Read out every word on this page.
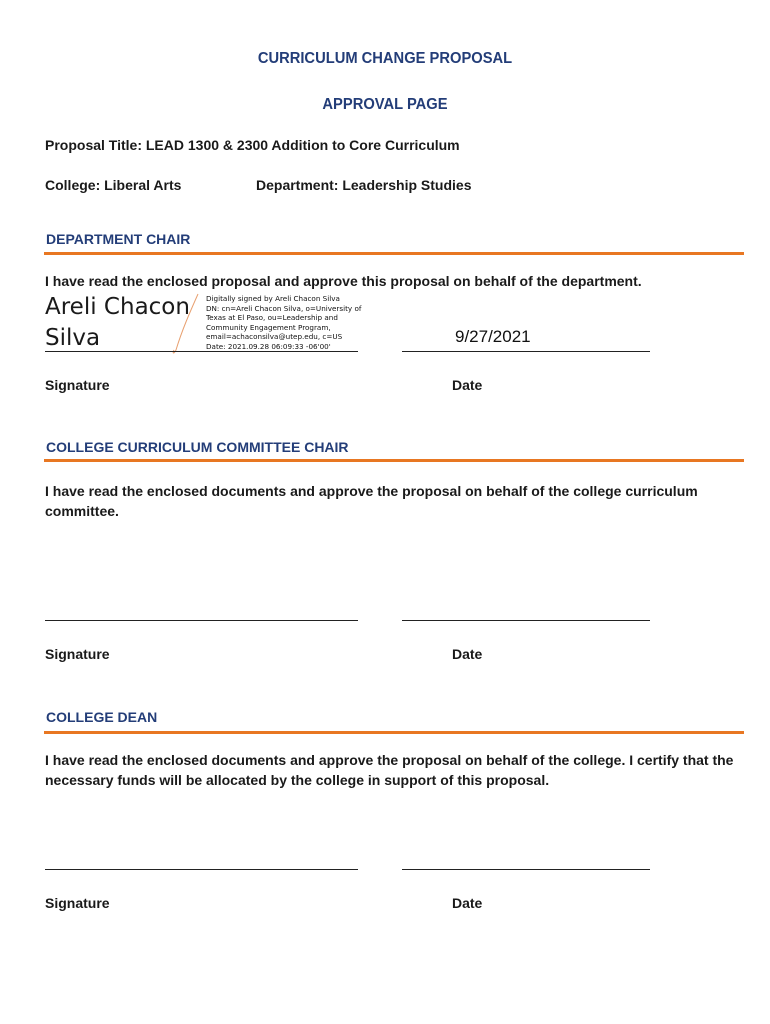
CURRICULUM CHANGE PROPOSAL
APPROVAL PAGE
Proposal Title: LEAD 1300 & 2300 Addition to Core Curriculum
College: Liberal Arts	Department: Leadership Studies
DEPARTMENT CHAIR
I have read the enclosed proposal and approve this proposal on behalf of the department.
Areli Chacon
Silva
Digitally signed by Areli Chacon Silva
DN: cn=Areli Chacon Silva, o=University of
Texas at El Paso, ou=Leadership and
Community Engagement Program,
email=achaconsilva@utep.edu, c=US
Date: 2021.09.28 06:09:33 -06'00'
9/27/2021
Signature	Date
COLLEGE CURRICULUM COMMITTEE CHAIR
I have read the enclosed documents and approve the proposal on behalf of the college curriculum committee.
Signature	Date
COLLEGE DEAN
I have read the enclosed documents and approve the proposal on behalf of the college. I certify that the necessary funds will be allocated by the college in support of this proposal.
Signature	Date
